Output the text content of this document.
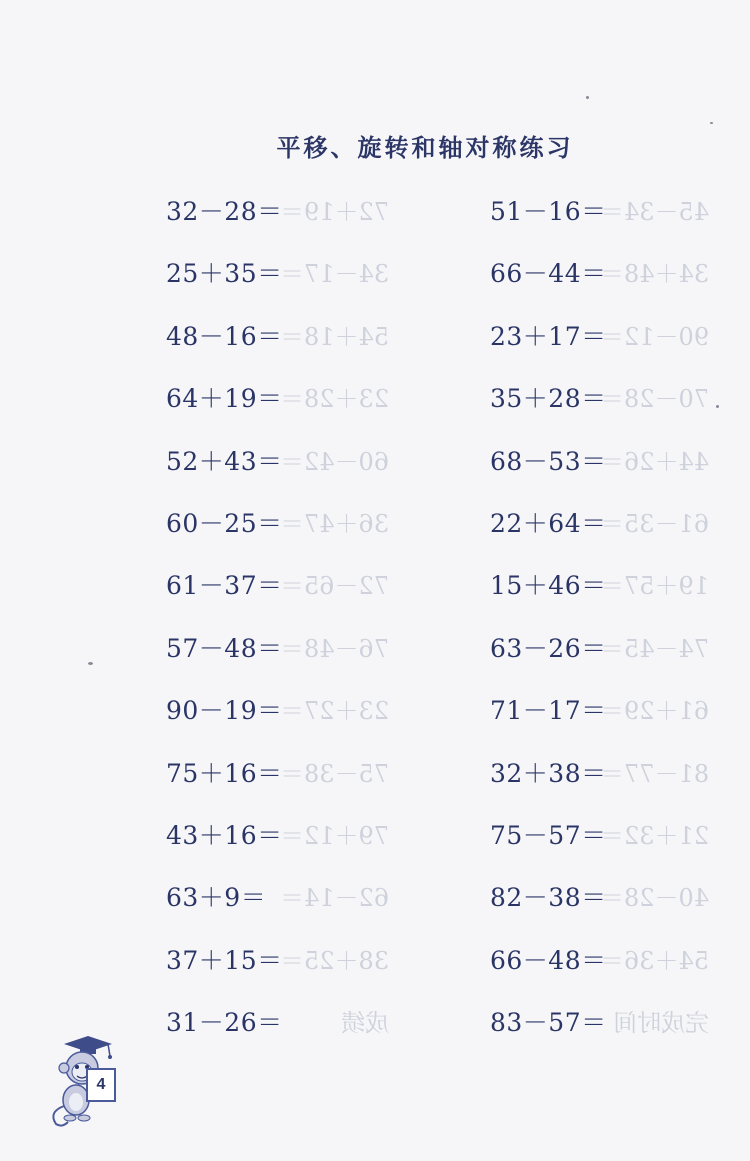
45－34＝
34＋48＝
90－12＝
70－28＝
44＋26＝
61－35＝
19＋57＝
74－45＝
61＋29＝
81－77＝
21＋32＝
40－28＝
54＋36＝
完成时间
72＋19＝
34－17＝
54＋18＝
23＋28＝
60－42＝
36＋47＝
72－65＝
76－48＝
23＋27＝
75－38＝
79＋12＝
62－14＝
38＋25＝
成绩
平移、旋转和轴对称练习
32－28＝
25＋35＝
48－16＝
64＋19＝
52＋43＝
60－25＝
61－37＝
57－48＝
90－19＝
75＋16＝
43＋16＝
63＋9＝
37＋15＝
31－26＝
51－16＝
66－44＝
23＋17＝
35＋28＝
68－53＝
22＋64＝
15＋46＝
63－26＝
71－17＝
32＋38＝
75－57＝
82－38＝
66－48＝
83－57＝
4
